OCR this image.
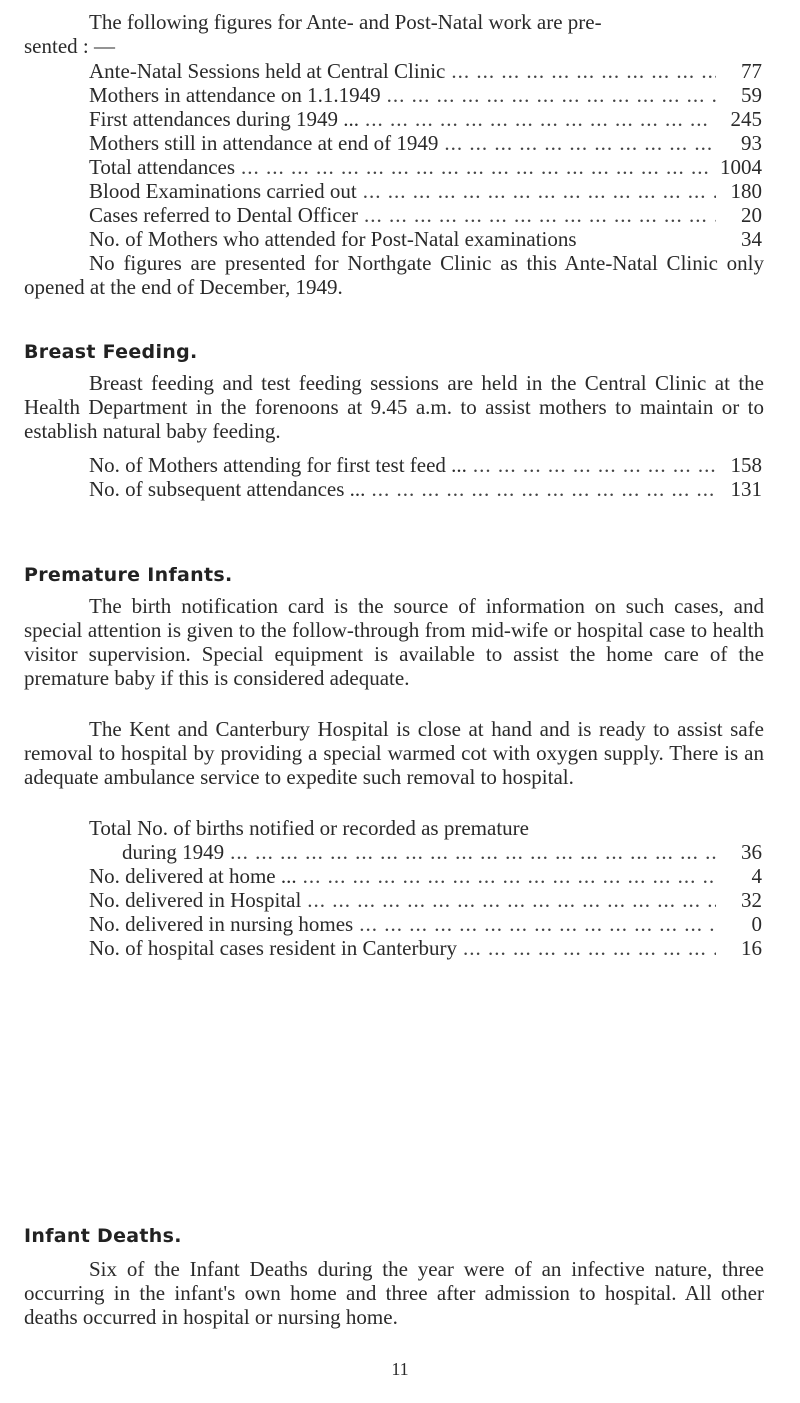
The following figures for Ante- and Post-Natal work are pre-
sented : —
Ante-Natal Sessions held at Central Clinic ... .	77
Mothers in attendance on 1.1.1949 ... .	59
First attendances during 1949 ... ... .	245
Mothers still in attendance at end of 1949 ... .	93
Total attendances ... .	1004
Blood Examinations carried out ... .	180
Cases referred to Dental Officer ... .	20
No. of Mothers who attended for Post-Natal examinations	34
No figures are presented for Northgate Clinic as this Ante-Natal Clinic only opened at the end of December, 1949.
Breast Feeding.
Breast feeding and test feeding sessions are held in the Central Clinic at the Health Department in the forenoons at 9.45 a.m. to assist mothers to maintain or to establish natural baby feeding.
No. of Mothers attending for first test feed ... ... .	158
No. of subsequent attendances ... ... .	131
Premature Infants.
The birth notification card is the source of information on such cases, and special attention is given to the follow-through from mid-wife or hospital case to health visitor supervision. Special equipment is available to assist the home care of the premature baby if this is considered adequate.
The Kent and Canterbury Hospital is close at hand and is ready to assist safe removal to hospital by providing a special warmed cot with oxygen supply. There is an adequate ambulance service to expedite such removal to hospital.
Total No. of births notified or recorded as premature
during 1949 ... .	36
No. delivered at home ... ... .	4
No. delivered in Hospital ... .	32
No. delivered in nursing homes ... .	0
No. of hospital cases resident in Canterbury ... .	16
Infant Deaths.
Six of the Infant Deaths during the year were of an infective nature, three occurring in the infant's own home and three after admission to hospital. All other deaths occurred in hospital or nursing home.
11
